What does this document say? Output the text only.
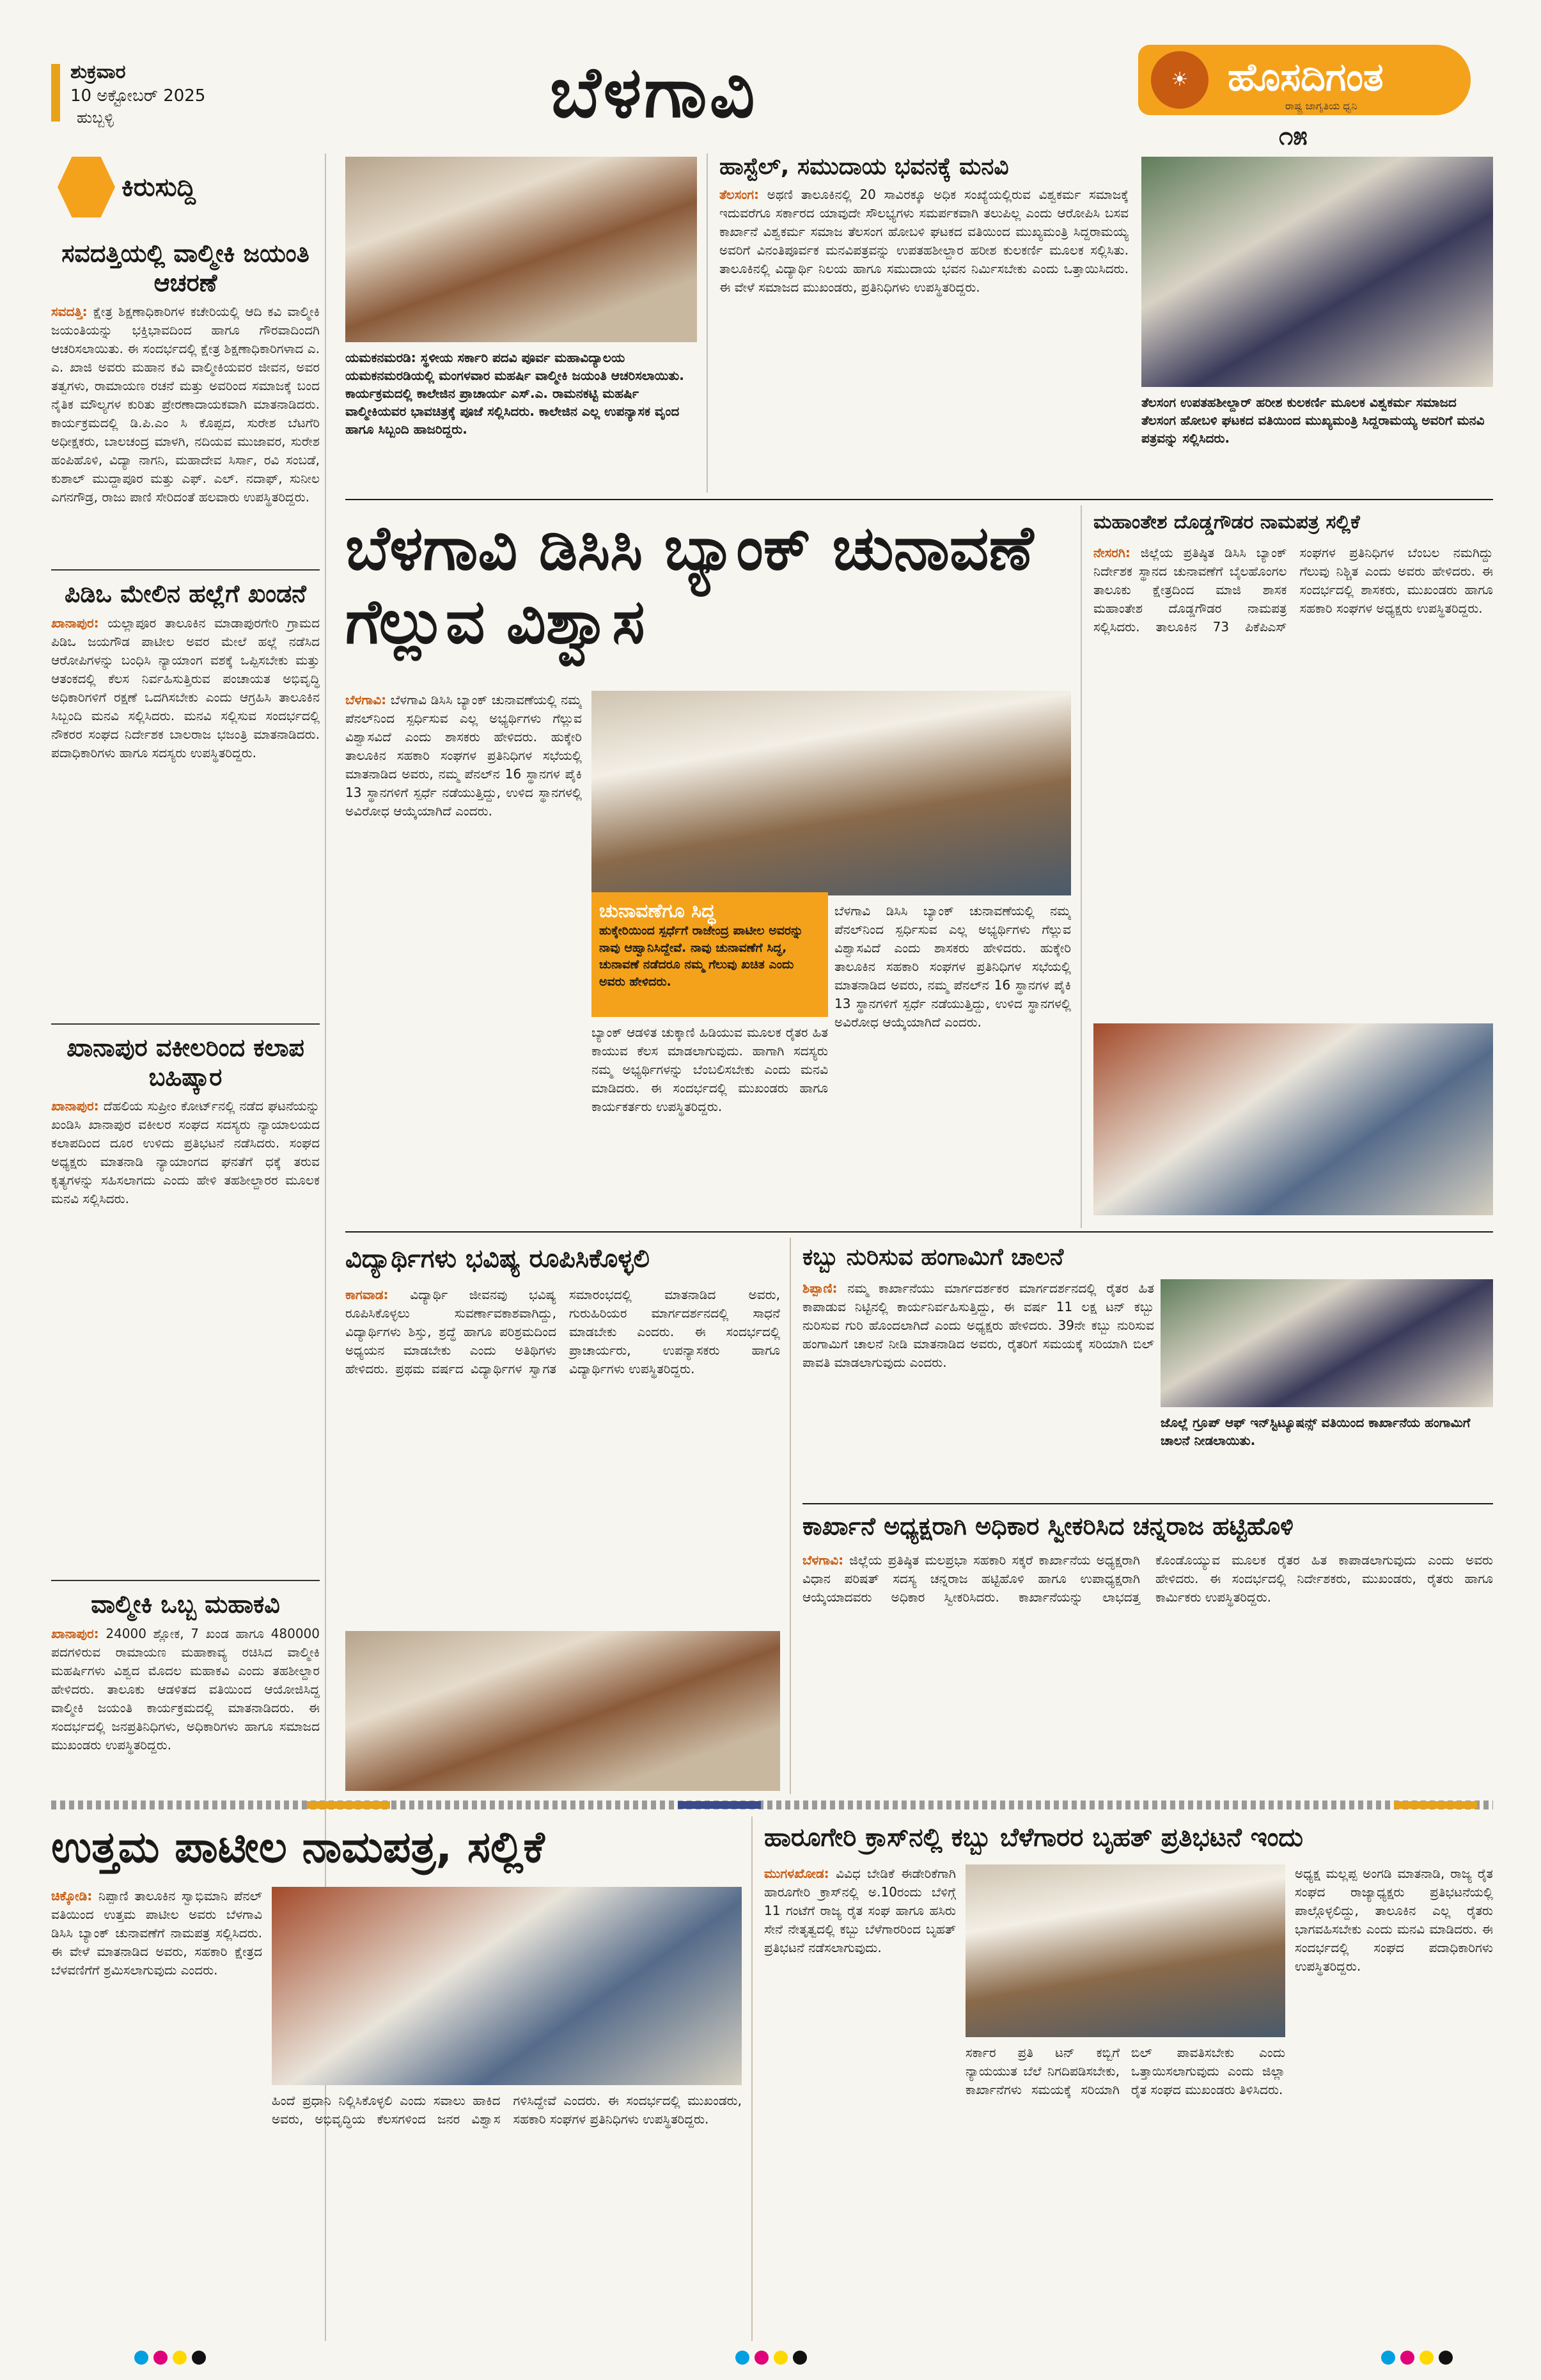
ಶುಕ್ರವಾರ
10 ಅಕ್ಟೋಬರ್ 2025
ಹುಬ್ಬಳ್ಳಿ	ಬೆಳಗಾವಿ	☀	ಹೊಸದಿಗಂತ
ರಾಷ್ಟ್ರ ಜಾಗೃತಿಯ ಧ್ವನಿ
೧೫
ಕಿರುಸುದ್ದಿ
ಸವದತ್ತಿಯಲ್ಲಿ ವಾಲ್ಮೀಕಿ ಜಯಂತಿ ಆಚರಣೆ
ಸವದತ್ತಿ: ಕ್ಷೇತ್ರ ಶಿಕ್ಷಣಾಧಿಕಾರಿಗಳ ಕಚೇರಿಯಲ್ಲಿ ಆದಿ ಕವಿ ವಾಲ್ಮೀಕಿ ಜಯಂತಿಯನ್ನು ಭಕ್ತಿಭಾವದಿಂದ ಹಾಗೂ ಗೌರವಾದಿಂದಗಿ ಆಚರಿಸಲಾಯಿತು. ಈ ಸಂದರ್ಭದಲ್ಲಿ ಕ್ಷೇತ್ರ ಶಿಕ್ಷಣಾಧಿಕಾರಿಗಳಾದ ಎ. ಎ. ಖಾಜಿ ಅವರು ಮಹಾನ ಕವಿ ವಾಲ್ಮೀಕಿಯವರ ಜೀವನ, ಅವರ ತತ್ವಗಳು, ರಾಮಾಯಣ ರಚನೆ ಮತ್ತು ಅವರಿಂದ ಸಮಾಜಕ್ಕೆ ಬಂದ ನೈತಿಕ ಮೌಲ್ಯಗಳ ಕುರಿತು ಪ್ರೇರಣಾದಾಯಕವಾಗಿ ಮಾತನಾಡಿದರು. ಕಾರ್ಯಕ್ರಮದಲ್ಲಿ ಡಿ.ಪಿ.ಎಂ ಸಿ ಕೊಪ್ಪದ, ಸುರೇಶ ಬೆಟಗೆರಿ ಅಧೀಕ್ಷಕರು, ಬಾಲಚಂದ್ರ ಮಾಳಗಿ, ನದಿಯವ ಮುಜಾವರ, ಸುರೇಶ ಹಂಪಿಹೊಳಿ, ವಿದ್ಯಾ ನಾಗನಿ, ಮಹಾದೇವ ಸಿರ್ಸಾ, ರವಿ ಸಂಬಡೆ, ಕುಶಾಲ್ ಮುದ್ದಾಪೂರ ಮತ್ತು ಎಫ್. ಎಲ್. ನದಾಫ್, ಸುನೀಲ ಎಗನಗೌಡ್ರ, ರಾಜು ಪಾಣಿ ಸೇರಿದಂತೆ ಹಲವಾರು ಉಪಸ್ಥಿತರಿದ್ದರು.
ಪಿಡಿಒ ಮೇಲಿನ ಹಲ್ಲೆಗೆ ಖಂಡನೆ
ಖಾನಾಪುರ: ಯಲ್ಲಾಪೂರ ತಾಲೂಕಿನ ಮಾಡಾಪುರಗೇರಿ ಗ್ರಾಮದ ಪಿಡಿಒ ಜಯಗೌಡ ಪಾಟೀಲ ಅವರ ಮೇಲೆ ಹಲ್ಲೆ ನಡೆಸಿದ ಆರೋಪಿಗಳನ್ನು ಬಂಧಿಸಿ ನ್ಯಾಯಾಂಗ ವಶಕ್ಕೆ ಒಪ್ಪಿಸಬೇಕು ಮತ್ತು ಆತಂಕದಲ್ಲಿ ಕೆಲಸ ನಿರ್ವಹಿಸುತ್ತಿರುವ ಪಂಚಾಯತ ಅಭಿವೃದ್ಧಿ ಅಧಿಕಾರಿಗಳಿಗೆ ರಕ್ಷಣೆ ಒದಗಿಸಬೇಕು ಎಂದು ಆಗ್ರಹಿಸಿ ತಾಲೂಕಿನ ಸಿಬ್ಬಂದಿ ಮನವಿ ಸಲ್ಲಿಸಿದರು. ಮನವಿ ಸಲ್ಲಿಸುವ ಸಂದರ್ಭದಲ್ಲಿ ನೌಕರರ ಸಂಘದ ನಿರ್ದೇಶಕ ಬಾಲರಾಜ ಭಜಂತ್ರಿ ಮಾತನಾಡಿದರು. ಪದಾಧಿಕಾರಿಗಳು ಹಾಗೂ ಸದಸ್ಯರು ಉಪಸ್ಥಿತರಿದ್ದರು.
ಖಾನಾಪುರ ವಕೀಲರಿಂದ ಕಲಾಪ ಬಹಿಷ್ಕಾರ
ಖಾನಾಪುರ: ದೆಹಲಿಯ ಸುಪ್ರೀಂ ಕೋರ್ಟ್‌ನಲ್ಲಿ ನಡೆದ ಘಟನೆಯನ್ನು ಖಂಡಿಸಿ ಖಾನಾಪುರ ವಕೀಲರ ಸಂಘದ ಸದಸ್ಯರು ನ್ಯಾಯಾಲಯದ ಕಲಾಪದಿಂದ ದೂರ ಉಳಿದು ಪ್ರತಿಭಟನೆ ನಡೆಸಿದರು. ಸಂಘದ ಅಧ್ಯಕ್ಷರು ಮಾತನಾಡಿ ನ್ಯಾಯಾಂಗದ ಘನತೆಗೆ ಧಕ್ಕೆ ತರುವ ಕೃತ್ಯಗಳನ್ನು ಸಹಿಸಲಾಗದು ಎಂದು ಹೇಳಿ ತಹಶೀಲ್ದಾರರ ಮೂಲಕ ಮನವಿ ಸಲ್ಲಿಸಿದರು.
ವಾಲ್ಮೀಕಿ ಒಬ್ಬ ಮಹಾಕವಿ
ಖಾನಾಪುರ: 24000 ಶ್ಲೋಕ, 7 ಖಂಡ ಹಾಗೂ 480000 ಪದಗಳಿರುವ ರಾಮಾಯಣ ಮಹಾಕಾವ್ಯ ರಚಿಸಿದ ವಾಲ್ಮೀಕಿ ಮಹರ್ಷಿಗಳು ವಿಶ್ವದ ಮೊದಲ ಮಹಾಕವಿ ಎಂದು ತಹಶೀಲ್ದಾರ ಹೇಳಿದರು. ತಾಲೂಕು ಆಡಳಿತದ ವತಿಯಿಂದ ಆಯೋಜಿಸಿದ್ದ ವಾಲ್ಮೀಕಿ ಜಯಂತಿ ಕಾರ್ಯಕ್ರಮದಲ್ಲಿ ಮಾತನಾಡಿದರು. ಈ ಸಂದರ್ಭದಲ್ಲಿ ಜನಪ್ರತಿನಿಧಿಗಳು, ಅಧಿಕಾರಿಗಳು ಹಾಗೂ ಸಮಾಜದ ಮುಖಂಡರು ಉಪಸ್ಥಿತರಿದ್ದರು.
ಯಮಕನಮರಡಿ: ಸ್ಥಳೀಯ ಸರ್ಕಾರಿ ಪದವಿ ಪೂರ್ವ ಮಹಾವಿದ್ಯಾಲಯ ಯಮಕನಮರಡಿಯಲ್ಲಿ ಮಂಗಳವಾರ ಮಹರ್ಷಿ ವಾಲ್ಮೀಕಿ ಜಯಂತಿ ಆಚರಿಸಲಾಯಿತು. ಕಾರ್ಯಕ್ರಮದಲ್ಲಿ ಕಾಲೇಜಿನ ಪ್ರಾಚಾರ್ಯ ಎಸ್.ಎ. ರಾಮನಕಟ್ಟಿ ಮಹರ್ಷಿ ವಾಲ್ಮೀಕಿಯವರ ಭಾವಚಿತ್ರಕ್ಕೆ ಪೂಜೆ ಸಲ್ಲಿಸಿದರು. ಕಾಲೇಜಿನ ಎಲ್ಲ ಉಪನ್ಯಾಸಕ ವೃಂದ ಹಾಗೂ ಸಿಬ್ಬಂದಿ ಹಾಜರಿದ್ದರು.
ಹಾಸ್ಟೆಲ್, ಸಮುದಾಯ ಭವನಕ್ಕೆ ಮನವಿ
ತೆಲಸಂಗ: ಅಥಣಿ ತಾಲೂಕಿನಲ್ಲಿ 20 ಸಾವಿರಕ್ಕೂ ಅಧಿಕ ಸಂಖ್ಯೆಯಲ್ಲಿರುವ ವಿಶ್ವಕರ್ಮ ಸಮಾಜಕ್ಕೆ ಇದುವರೆಗೂ ಸರ್ಕಾರದ ಯಾವುದೇ ಸೌಲಭ್ಯಗಳು ಸಮರ್ಪಕವಾಗಿ ತಲುಪಿಲ್ಲ ಎಂದು ಆರೋಪಿಸಿ ಬಸವ ಕಾರ್ಖಾನೆ ವಿಶ್ವಕರ್ಮ ಸಮಾಜ ತೆಲಸಂಗ ಹೋಬಳಿ ಘಟಕದ ವತಿಯಿಂದ ಮುಖ್ಯಮಂತ್ರಿ ಸಿದ್ದರಾಮಯ್ಯ ಅವರಿಗೆ ವಿನಂತಿಪೂರ್ವಕ ಮನವಿಪತ್ರವನ್ನು ಉಪತಹಶೀಲ್ದಾರ ಹರೀಶ ಕುಲಕರ್ಣಿ ಮೂಲಕ ಸಲ್ಲಿಸಿತು. ತಾಲೂಕಿನಲ್ಲಿ ವಿದ್ಯಾರ್ಥಿ ನಿಲಯ ಹಾಗೂ ಸಮುದಾಯ ಭವನ ನಿರ್ಮಿಸಬೇಕು ಎಂದು ಒತ್ತಾಯಿಸಿದರು. ಈ ವೇಳೆ ಸಮಾಜದ ಮುಖಂಡರು, ಪ್ರತಿನಿಧಿಗಳು ಉಪಸ್ಥಿತರಿದ್ದರು.
ತೆಲಸಂಗ ಉಪತಹಶೀಲ್ದಾರ್ ಹರೀಶ ಕುಲಕರ್ಣಿ ಮೂಲಕ ವಿಶ್ವಕರ್ಮ ಸಮಾಜದ ತೆಲಸಂಗ ಹೋಬಳಿ ಘಟಕದ ವತಿಯಿಂದ ಮುಖ್ಯಮಂತ್ರಿ ಸಿದ್ದರಾಮಯ್ಯ ಅವರಿಗೆ ಮನವಿ ಪತ್ರವನ್ನು ಸಲ್ಲಿಸಿದರು.
ಬೆಳಗಾವಿ ಡಿಸಿಸಿ ಬ್ಯಾಂಕ್ ಚುನಾವಣೆ ಗೆಲ್ಲುವ ವಿಶ್ವಾಸ
ಬೆಳಗಾವಿ: ಬೆಳಗಾವಿ ಡಿಸಿಸಿ ಬ್ಯಾಂಕ್ ಚುನಾವಣೆಯಲ್ಲಿ ನಮ್ಮ ಪೆನಲ್‌ನಿಂದ ಸ್ಪರ್ಧಿಸುವ ಎಲ್ಲ ಅಭ್ಯರ್ಥಿಗಳು ಗೆಲ್ಲುವ ವಿಶ್ವಾಸವಿದೆ ಎಂದು ಶಾಸಕರು ಹೇಳಿದರು. ಹುಕ್ಕೇರಿ ತಾಲೂಕಿನ ಸಹಕಾರಿ ಸಂಘಗಳ ಪ್ರತಿನಿಧಿಗಳ ಸಭೆಯಲ್ಲಿ ಮಾತನಾಡಿದ ಅವರು, ನಮ್ಮ ಪೆನಲ್‌ನ 16 ಸ್ಥಾನಗಳ ಪೈಕಿ 13 ಸ್ಥಾನಗಳಿಗೆ ಸ್ಪರ್ಧೆ ನಡೆಯುತ್ತಿದ್ದು, ಉಳಿದ ಸ್ಥಾನಗಳಲ್ಲಿ ಅವಿರೋಧ ಆಯ್ಕೆಯಾಗಿದೆ ಎಂದರು.
ಚುನಾವಣೆಗೂ ಸಿದ್ಧ
ಹುಕ್ಕೇರಿಯಿಂದ ಸ್ಪರ್ಧೆಗೆ ರಾಜೇಂದ್ರ ಪಾಟೀಲ ಅವರನ್ನು ನಾವು ಆಹ್ವಾನಿಸಿದ್ದೇವೆ. ನಾವು ಚುನಾವಣೆಗೆ ಸಿದ್ಧ, ಚುನಾವಣೆ ನಡೆದರೂ ನಮ್ಮ ಗೆಲುವು ಖಚಿತ ಎಂದು ಅವರು ಹೇಳಿದರು.
ಬ್ಯಾಂಕ್ ಆಡಳಿತ ಚುಕ್ಕಾಣಿ ಹಿಡಿಯುವ ಮೂಲಕ ರೈತರ ಹಿತ ಕಾಯುವ ಕೆಲಸ ಮಾಡಲಾಗುವುದು. ಹಾಗಾಗಿ ಸದಸ್ಯರು ನಮ್ಮ ಅಭ್ಯರ್ಥಿಗಳನ್ನು ಬೆಂಬಲಿಸಬೇಕು ಎಂದು ಮನವಿ ಮಾಡಿದರು. ಈ ಸಂದರ್ಭದಲ್ಲಿ ಮುಖಂಡರು ಹಾಗೂ ಕಾರ್ಯಕರ್ತರು ಉಪಸ್ಥಿತರಿದ್ದರು.
ಬೆಳಗಾವಿ ಡಿಸಿಸಿ ಬ್ಯಾಂಕ್ ಚುನಾವಣೆಯಲ್ಲಿ ನಮ್ಮ ಪೆನಲ್‌ನಿಂದ ಸ್ಪರ್ಧಿಸುವ ಎಲ್ಲ ಅಭ್ಯರ್ಥಿಗಳು ಗೆಲ್ಲುವ ವಿಶ್ವಾಸವಿದೆ ಎಂದು ಶಾಸಕರು ಹೇಳಿದರು. ಹುಕ್ಕೇರಿ ತಾಲೂಕಿನ ಸಹಕಾರಿ ಸಂಘಗಳ ಪ್ರತಿನಿಧಿಗಳ ಸಭೆಯಲ್ಲಿ ಮಾತನಾಡಿದ ಅವರು, ನಮ್ಮ ಪೆನಲ್‌ನ 16 ಸ್ಥಾನಗಳ ಪೈಕಿ 13 ಸ್ಥಾನಗಳಿಗೆ ಸ್ಪರ್ಧೆ ನಡೆಯುತ್ತಿದ್ದು, ಉಳಿದ ಸ್ಥಾನಗಳಲ್ಲಿ ಅವಿರೋಧ ಆಯ್ಕೆಯಾಗಿದೆ ಎಂದರು.
ಮಹಾಂತೇಶ ದೊಡ್ಡಗೌಡರ ನಾಮಪತ್ರ ಸಲ್ಲಿಕೆ
ನೇಸರಗಿ: ಜಿಲ್ಲೆಯ ಪ್ರತಿಷ್ಠಿತ ಡಿಸಿಸಿ ಬ್ಯಾಂಕ್ ನಿರ್ದೇಶಕ ಸ್ಥಾನದ ಚುನಾವಣೆಗೆ ಬೈಲಹೊಂಗಲ ತಾಲೂಕು ಕ್ಷೇತ್ರದಿಂದ ಮಾಜಿ ಶಾಸಕ ಮಹಾಂತೇಶ ದೊಡ್ಡಗೌಡರ ನಾಮಪತ್ರ ಸಲ್ಲಿಸಿದರು. ತಾಲೂಕಿನ 73 ಪಿಕೆಪಿಎಸ್ ಸಂಘಗಳ ಪ್ರತಿನಿಧಿಗಳ ಬೆಂಬಲ ನಮಗಿದ್ದು ಗೆಲುವು ನಿಶ್ಚಿತ ಎಂದು ಅವರು ಹೇಳಿದರು. ಈ ಸಂದರ್ಭದಲ್ಲಿ ಶಾಸಕರು, ಮುಖಂಡರು ಹಾಗೂ ಸಹಕಾರಿ ಸಂಘಗಳ ಅಧ್ಯಕ್ಷರು ಉಪಸ್ಥಿತರಿದ್ದರು.
ವಿದ್ಯಾರ್ಥಿಗಳು ಭವಿಷ್ಯ ರೂಪಿಸಿಕೊಳ್ಳಲಿ
ಕಾಗವಾಡ: ವಿದ್ಯಾರ್ಥಿ ಜೀವನವು ಭವಿಷ್ಯ ರೂಪಿಸಿಕೊಳ್ಳಲು ಸುವರ್ಣಾವಕಾಶವಾಗಿದ್ದು, ವಿದ್ಯಾರ್ಥಿಗಳು ಶಿಸ್ತು, ಶ್ರದ್ಧೆ ಹಾಗೂ ಪರಿಶ್ರಮದಿಂದ ಅಧ್ಯಯನ ಮಾಡಬೇಕು ಎಂದು ಅತಿಥಿಗಳು ಹೇಳಿದರು. ಪ್ರಥಮ ವರ್ಷದ ವಿದ್ಯಾರ್ಥಿಗಳ ಸ್ವಾಗತ ಸಮಾರಂಭದಲ್ಲಿ ಮಾತನಾಡಿದ ಅವರು, ಗುರುಹಿರಿಯರ ಮಾರ್ಗದರ್ಶನದಲ್ಲಿ ಸಾಧನೆ ಮಾಡಬೇಕು ಎಂದರು. ಈ ಸಂದರ್ಭದಲ್ಲಿ ಪ್ರಾಚಾರ್ಯರು, ಉಪನ್ಯಾಸಕರು ಹಾಗೂ ವಿದ್ಯಾರ್ಥಿಗಳು ಉಪಸ್ಥಿತರಿದ್ದರು.
ಕಬ್ಬು ನುರಿಸುವ ಹಂಗಾಮಿಗೆ ಚಾಲನೆ
ಶಿಪ್ಪಾಣಿ: ನಮ್ಮ ಕಾರ್ಖಾನೆಯು ಮಾರ್ಗದರ್ಶಕರ ಮಾರ್ಗದರ್ಶನದಲ್ಲಿ ರೈತರ ಹಿತ ಕಾಪಾಡುವ ನಿಟ್ಟಿನಲ್ಲಿ ಕಾರ್ಯನಿರ್ವಹಿಸುತ್ತಿದ್ದು, ಈ ವರ್ಷ 11 ಲಕ್ಷ ಟನ್ ಕಬ್ಬು ನುರಿಸುವ ಗುರಿ ಹೊಂದಲಾಗಿದೆ ಎಂದು ಅಧ್ಯಕ್ಷರು ಹೇಳಿದರು. 39ನೇ ಕಬ್ಬು ನುರಿಸುವ ಹಂಗಾಮಿಗೆ ಚಾಲನೆ ನೀಡಿ ಮಾತನಾಡಿದ ಅವರು, ರೈತರಿಗೆ ಸಮಯಕ್ಕೆ ಸರಿಯಾಗಿ ಬಿಲ್ ಪಾವತಿ ಮಾಡಲಾಗುವುದು ಎಂದರು.
ಜೊಲ್ಲೆ ಗ್ರೂಪ್ ಆಫ್ ಇನ್‌ಸ್ಟಿಟ್ಯೂಷನ್ಸ್ ವತಿಯಿಂದ ಕಾರ್ಖಾನೆಯ ಹಂಗಾಮಿಗೆ ಚಾಲನೆ ನೀಡಲಾಯಿತು.
ಕಾರ್ಖಾನೆ ಅಧ್ಯಕ್ಷರಾಗಿ ಅಧಿಕಾರ ಸ್ವೀಕರಿಸಿದ ಚನ್ನರಾಜ ಹಟ್ಟಿಹೊಳಿ
ಬೆಳಗಾವಿ: ಜಿಲ್ಲೆಯ ಪ್ರತಿಷ್ಠಿತ ಮಲಪ್ರಭಾ ಸಹಕಾರಿ ಸಕ್ಕರೆ ಕಾರ್ಖಾನೆಯ ಅಧ್ಯಕ್ಷರಾಗಿ ವಿಧಾನ ಪರಿಷತ್ ಸದಸ್ಯ ಚನ್ನರಾಜ ಹಟ್ಟಿಹೊಳಿ ಹಾಗೂ ಉಪಾಧ್ಯಕ್ಷರಾಗಿ ಆಯ್ಕೆಯಾದವರು ಅಧಿಕಾರ ಸ್ವೀಕರಿಸಿದರು. ಕಾರ್ಖಾನೆಯನ್ನು ಲಾಭದತ್ತ ಕೊಂಡೊಯ್ಯುವ ಮೂಲಕ ರೈತರ ಹಿತ ಕಾಪಾಡಲಾಗುವುದು ಎಂದು ಅವರು ಹೇಳಿದರು. ಈ ಸಂದರ್ಭದಲ್ಲಿ ನಿರ್ದೇಶಕರು, ಮುಖಂಡರು, ರೈತರು ಹಾಗೂ ಕಾರ್ಮಿಕರು ಉಪಸ್ಥಿತರಿದ್ದರು.
ಉತ್ತಮ ಪಾಟೀಲ ನಾಮಪತ್ರ, ಸಲ್ಲಿಕೆ
ಚಿಕ್ಕೋಡಿ: ನಿಪ್ಪಾಣಿ ತಾಲೂಕಿನ ಸ್ವಾಭಿಮಾನಿ ಪೆನಲ್ ವತಿಯಿಂದ ಉತ್ತಮ ಪಾಟೀಲ ಅವರು ಬೆಳಗಾವಿ ಡಿಸಿಸಿ ಬ್ಯಾಂಕ್ ಚುನಾವಣೆಗೆ ನಾಮಪತ್ರ ಸಲ್ಲಿಸಿದರು. ಈ ವೇಳೆ ಮಾತನಾಡಿದ ಅವರು, ಸಹಕಾರಿ ಕ್ಷೇತ್ರದ ಬೆಳವಣಿಗೆಗೆ ಶ್ರಮಿಸಲಾಗುವುದು ಎಂದರು.
ಹಿಂದೆ ಪ್ರಧಾನಿ ನಿಲ್ಲಿಸಿಕೊಳ್ಳಲಿ ಎಂದು ಸವಾಲು ಹಾಕಿದ ಅವರು, ಅಭಿವೃದ್ಧಿಯ ಕೆಲಸಗಳಿಂದ ಜನರ ವಿಶ್ವಾಸ ಗಳಿಸಿದ್ದೇವೆ ಎಂದರು. ಈ ಸಂದರ್ಭದಲ್ಲಿ ಮುಖಂಡರು, ಸಹಕಾರಿ ಸಂಘಗಳ ಪ್ರತಿನಿಧಿಗಳು ಉಪಸ್ಥಿತರಿದ್ದರು.
ಹಾರೂಗೇರಿ ಕ್ರಾಸ್‌ನಲ್ಲಿ ಕಬ್ಬು ಬೆಳೆಗಾರರ ಬೃಹತ್ ಪ್ರತಿಭಟನೆ ಇಂದು
ಮುಗಳಖೋಡ: ವಿವಿಧ ಬೇಡಿಕೆ ಈಡೇರಿಕೆಗಾಗಿ ಹಾರೂಗೇರಿ ಕ್ರಾಸ್‌ನಲ್ಲಿ ಅ.10ರಂದು ಬೆಳಿಗ್ಗೆ 11 ಗಂಟೆಗೆ ರಾಜ್ಯ ರೈತ ಸಂಘ ಹಾಗೂ ಹಸಿರು ಸೇನೆ ನೇತೃತ್ವದಲ್ಲಿ ಕಬ್ಬು ಬೆಳೆಗಾರರಿಂದ ಬೃಹತ್ ಪ್ರತಿಭಟನೆ ನಡೆಸಲಾಗುವುದು.
ಸರ್ಕಾರ ಪ್ರತಿ ಟನ್ ಕಬ್ಬಿಗೆ ನ್ಯಾಯಯುತ ಬೆಲೆ ನಿಗದಿಪಡಿಸಬೇಕು, ಕಾರ್ಖಾನೆಗಳು ಸಮಯಕ್ಕೆ ಸರಿಯಾಗಿ ಬಿಲ್ ಪಾವತಿಸಬೇಕು ಎಂದು ಒತ್ತಾಯಿಸಲಾಗುವುದು ಎಂದು ಜಿಲ್ಲಾ ರೈತ ಸಂಘದ ಮುಖಂಡರು ತಿಳಿಸಿದರು.
ಅಧ್ಯಕ್ಷ ಮಲ್ಲಪ್ಪ ಅಂಗಡಿ ಮಾತನಾಡಿ, ರಾಜ್ಯ ರೈತ ಸಂಘದ ರಾಜ್ಯಾಧ್ಯಕ್ಷರು ಪ್ರತಿಭಟನೆಯಲ್ಲಿ ಪಾಲ್ಗೊಳ್ಳಲಿದ್ದು, ತಾಲೂಕಿನ ಎಲ್ಲ ರೈತರು ಭಾಗವಹಿಸಬೇಕು ಎಂದು ಮನವಿ ಮಾಡಿದರು. ಈ ಸಂದರ್ಭದಲ್ಲಿ ಸಂಘದ ಪದಾಧಿಕಾರಿಗಳು ಉಪಸ್ಥಿತರಿದ್ದರು.
